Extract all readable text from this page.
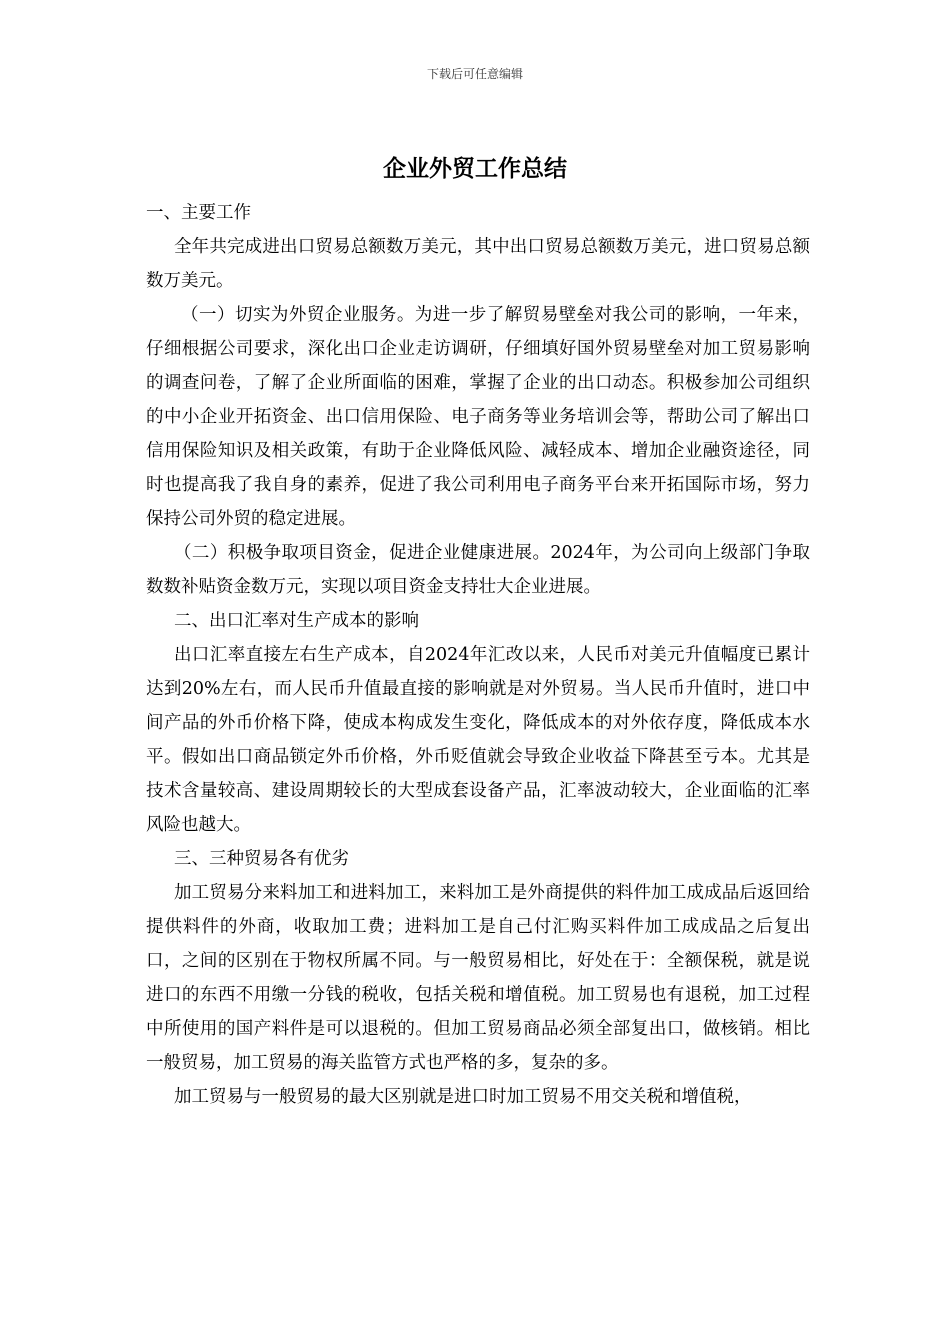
下载后可任意编辑
企业外贸工作总结

一、主要工作

全年共完成进出口贸易总额数万美元，其中出口贸易总额数万美元，进口贸易总额数万美元。

（一）切实为外贸企业服务。为进一步了解贸易壁垒对我公司的影响，一年来，仔细根据公司要求，深化出口企业走访调研，仔细填好国外贸易壁垒对加工贸易影响的调查问卷，了解了企业所面临的困难，掌握了企业的出口动态。积极参加公司组织的中小企业开拓资金、出口信用保险、电子商务等业务培训会等，帮助公司了解出口信用保险知识及相关政策，有助于企业降低风险、减轻成本、增加企业融资途径，同时也提高我了我自身的素养，促进了我公司利用电子商务平台来开拓国际市场，努力保持公司外贸的稳定进展。

（二）积极争取项目资金，促进企业健康进展。2024年，为公司向上级部门争取数数补贴资金数万元，实现以项目资金支持壮大企业进展。

二、出口汇率对生产成本的影响

出口汇率直接左右生产成本，自2024年汇改以来，人民币对美元升值幅度已累计达到20%左右，而人民币升值最直接的影响就是对外贸易。当人民币升值时，进口中间产品的外币价格下降，使成本构成发生变化，降低成本的对外依存度，降低成本水平。假如出口商品锁定外币价格，外币贬值就会导致企业收益下降甚至亏本。尤其是技术含量较高、建设周期较长的大型成套设备产品，汇率波动较大，企业面临的汇率风险也越大。

三、三种贸易各有优劣

加工贸易分来料加工和进料加工，来料加工是外商提供的料件加工成成品后返回给提供料件的外商，收取加工费；进料加工是自己付汇购买料件加工成成品之后复出口，之间的区别在于物权所属不同。与一般贸易相比，好处在于：全额保税，就是说进口的东西不用缴一分钱的税收，包括关税和增值税。加工贸易也有退税，加工过程中所使用的国产料件是可以退税的。但加工贸易商品必须全部复出口，做核销。相比一般贸易，加工贸易的海关监管方式也严格的多，复杂的多。

加工贸易与一般贸易的最大区别就是进口时加工贸易不用交关税和增值税，
